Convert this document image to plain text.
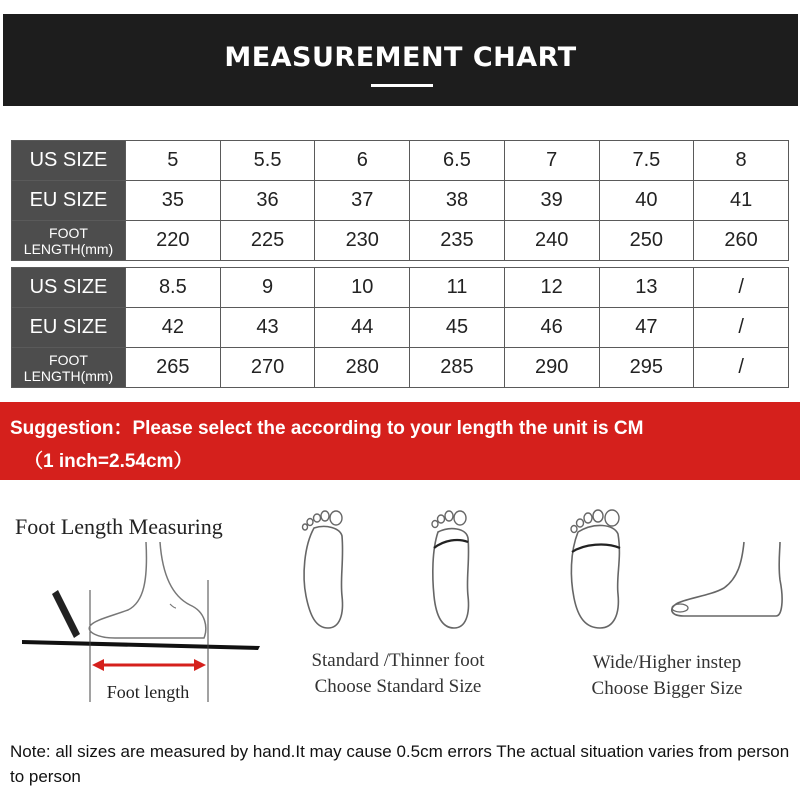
MEASUREMENT CHART
US SIZE	5	5.5	6	6.5	7	7.5	8
EU SIZE	35	36	37	38	39	40	41

FOOT
LENGTH(mm)	220	225	230	235	240	250	260
US SIZE	8.5	9	10	11	12	13	/
EU SIZE	42	43	44	45	46	47	/

FOOT
LENGTH(mm)	265	270	280	285	290	295	/
Suggestion：Please select the according to your length the unit is CM
（1 inch=2.54cm）
Foot Length Measuring
Foot length
Standard /Thinner foot
Choose Standard Size
Wide/Higher instep
Choose Bigger Size
Note: all sizes are measured by hand.It may cause 0.5cm errors The actual situation varies from person to person
